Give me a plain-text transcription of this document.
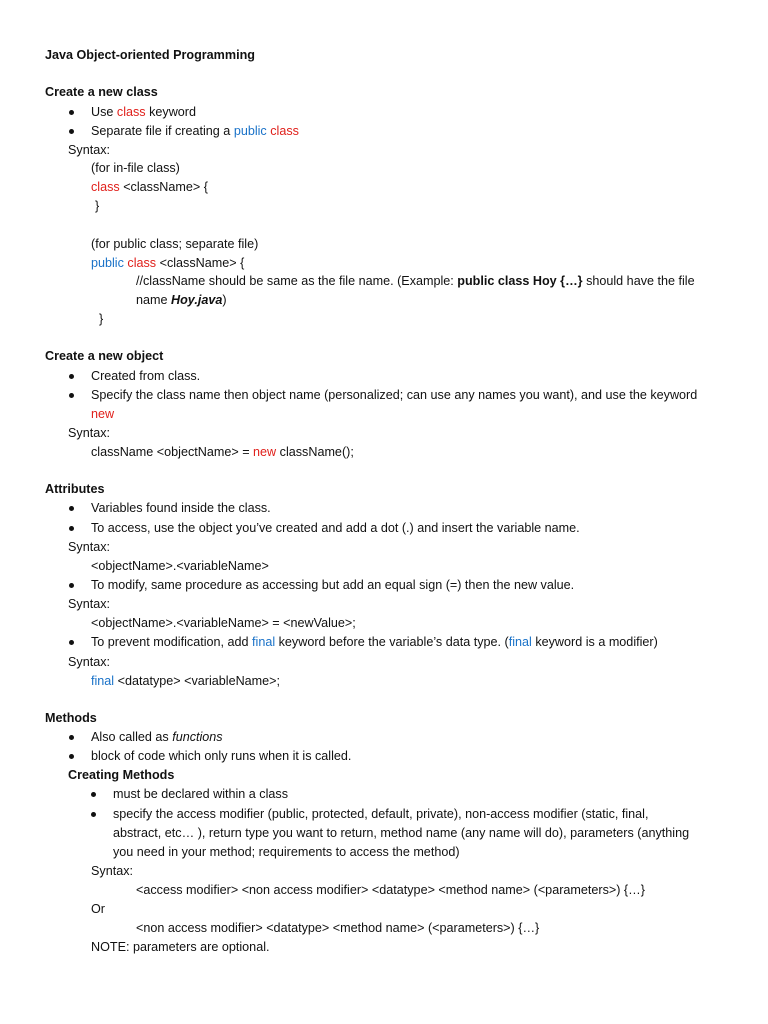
Java Object-oriented Programming
Create a new class
Use class keyword
Separate file if creating a public class
Syntax:
(for in-file class)
class <className> {
}
(for public class; separate file)
public class <className> {
//className should be same as the file name. (Example: public class Hoy {…} should have the file
name Hoy.java)
}
Create a new object
Created from class.
Specify the class name then object name (personalized; can use any names you want), and use the keyword
new
Syntax:
className <objectName> = new className();
Attributes
Variables found inside the class.
To access, use the object you’ve created and add a dot (.) and insert the variable name.
Syntax:
<objectName>.<variableName>
To modify, same procedure as accessing but add an equal sign (=) then the new value.
Syntax:
<objectName>.<variableName> = <newValue>;
To prevent modification, add final keyword before the variable’s data type. (final keyword is a modifier)
Syntax:
final <datatype> <variableName>;
Methods
Also called as functions
block of code which only runs when it is called.
Creating Methods
must be declared within a class
specify the access modifier (public, protected, default, private), non-access modifier (static, final,
abstract, etc… ), return type you want to return, method name (any name will do), parameters (anything
you need in your method; requirements to access the method)
Syntax:
<access modifier> <non access modifier> <datatype> <method name> (<parameters>) {…}
Or
<non access modifier> <datatype> <method name> (<parameters>) {…}
NOTE: parameters are optional.
